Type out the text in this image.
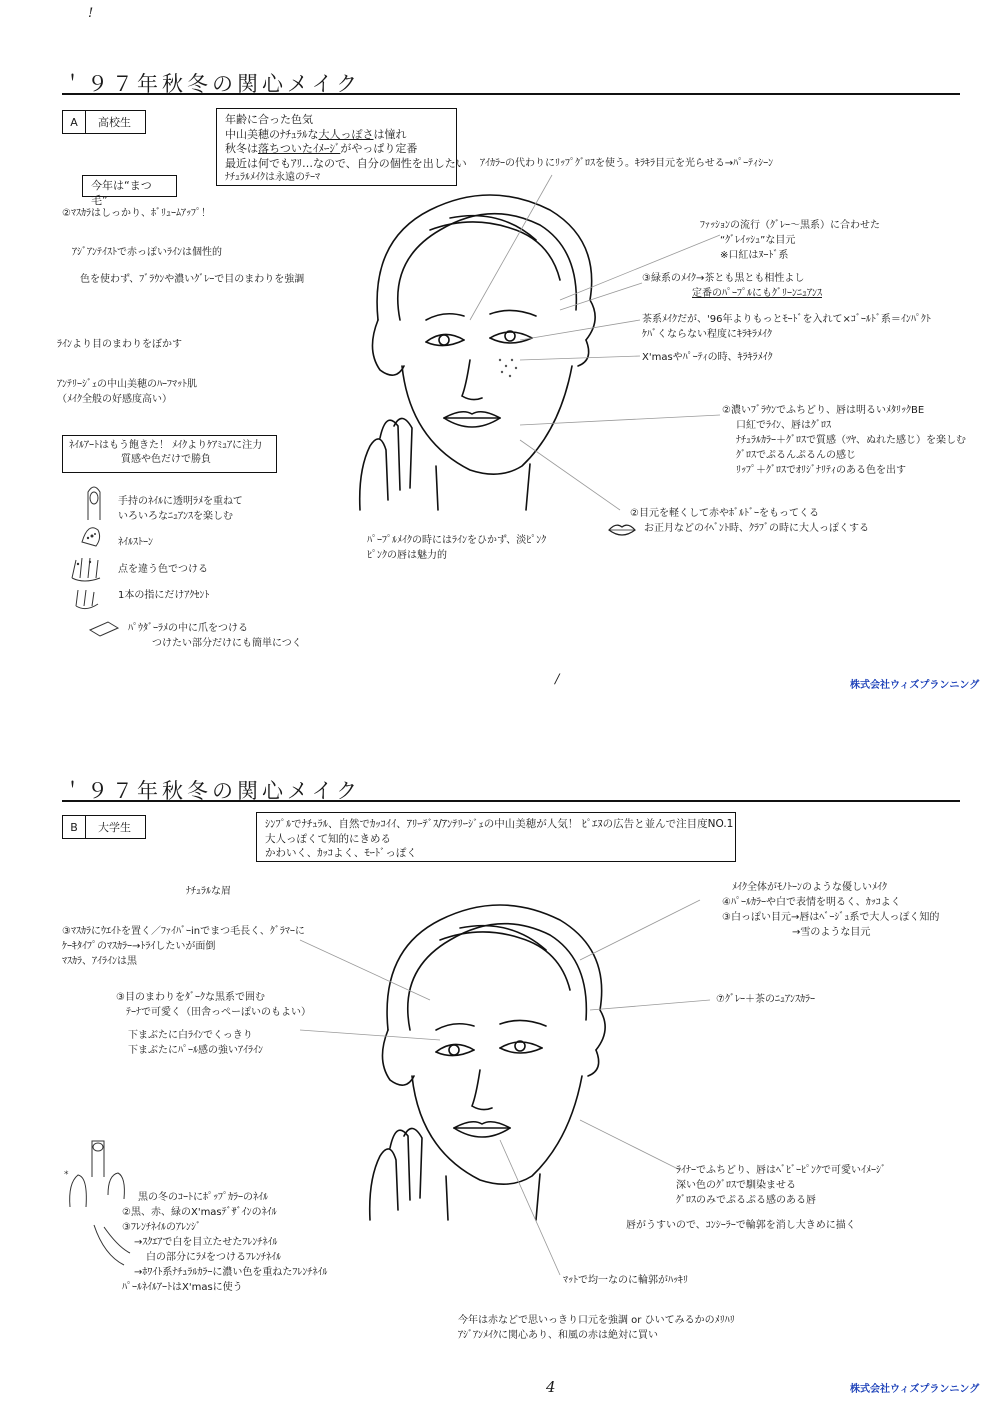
!
/
4
＇９７年秋冬の関心メイク
A	高校生	年齢に合った色気
中山美穂のﾅﾁｭﾗﾙな大人っぽさは憧れ
秋冬は落ちついたｲﾒｰｼﾞがやっぱり定番
最近は何でもｱﾘ…なので、自分の個性を出したい
ﾅﾁｭﾗﾙﾒｲｸは永遠のﾃｰﾏ
今年は“まつ毛”
②ﾏｽｶﾗはしっかり、ﾎﾞﾘｭｰﾑｱｯﾌﾟ！
ｱｼﾞｱﾝﾃｲｽﾄで赤っぽいﾗｲﾝは個性的
色を使わず、ﾌﾞﾗｳﾝや濃いｸﾞﾚｰで目のまわりを強調
ﾗｲﾝより目のまわりをぼかす
ｱﾝﾃﾘｰｼﾞｪの中山美穂のﾊｰﾌﾏｯﾄ肌
（ﾒｲｸ全般の好感度高い）
ﾈｲﾙｱｰﾄはもう飽きた！ ﾒｲｸよりｹｱﾐｭｱに注力
質感や色だけで勝負
手持のﾈｲﾙに透明ﾗﾒを重ねて
いろいろなﾆｭｱﾝｽを楽しむ
ﾈｲﾙｽﾄｰﾝ
点を違う色でつける
1本の指にだけｱｸｾﾝﾄ
ﾊﾟｳﾀﾞｰﾗﾒの中に爪をつける
つけたい部分だけにも簡単につく
ｱｲｶﾗｰの代わりにﾘｯﾌﾟｸﾞﾛｽを使う。ｷﾗｷﾗ目元を光らせる→ﾊﾟｰﾃｨｼｰﾝ
ﾌｧｯｼｮﾝの流行（ｸﾞﾚｰ～黒系）に合わせた
“ｸﾞﾚｲｯｼｭ”な目元
※口紅はﾇｰﾄﾞ系
③緑系のﾒｲｸ→茶とも黒とも相性よし
定番のﾊﾟｰﾌﾟﾙにもｸﾞﾘｰﾝﾆｭｱﾝｽ
茶系ﾒｲｸだが、'96年よりもっとﾓｰﾄﾞを入れて×ｺﾞｰﾙﾄﾞ系＝ｲﾝﾊﾟｸﾄ
ｹﾊﾞくならない程度にｷﾗｷﾗﾒｲｸ
X'masやﾊﾟｰﾃｨの時、ｷﾗｷﾗﾒｲｸ
②濃いﾌﾞﾗｳﾝでふちどり、唇は明るいﾒﾀﾘｯｸBE
口紅でﾗｲﾝ、唇はｸﾞﾛｽ
ﾅﾁｭﾗﾙｶﾗｰ＋ｸﾞﾛｽで質感（ﾂﾔ、ぬれた感じ）を楽しむ
ｸﾞﾛｽでぷるんぷるんの感じ
ﾘｯﾌﾟ＋ｸﾞﾛｽでｵﾘｼﾞﾅﾘﾃｨのある色を出す
②目元を軽くして赤やﾎﾞﾙﾄﾞｰをもってくる
お正月などのｲﾍﾞﾝﾄ時、ｸﾗﾌﾞの時に大人っぽくする
ﾊﾟｰﾌﾟﾙﾒｲｸの時にはﾗｲﾝをひかず、淡ﾋﾟﾝｸ
ﾋﾟﾝｸの唇は魅力的
株式会社ウィズプランニング
＇９７年秋冬の関心メイク
B	大学生	ｼﾝﾌﾟﾙでﾅﾁｭﾗﾙ、自然でｶｯｺｲｲ、ｱﾘｰﾃﾞｽ/ｱﾝﾃﾘｰｼﾞｪの中山美穂が人気！ ﾋﾟｴﾇの広告と並んで注目度NO.1
大人っぽくて知的にきめる
かわいく、ｶｯｺよく、ﾓｰﾄﾞっぽく
ﾅﾁｭﾗﾙな眉
③ﾏｽｶﾗにｳｴｲﾄを置く／ﾌｧｲﾊﾞｰinでまつ毛長く、ｸﾞﾗﾏｰに
ｹｰｷﾀｲﾌﾟのﾏｽｶﾗｰ→ﾄﾗｲしたいが面倒
ﾏｽｶﾗ、ｱｲﾗｲﾝは黒
③目のまわりをﾀﾞｰｸな黒系で囲む
ﾃｰﾅで可愛く（田舎っぺーぽいのもよい）
下まぶたに白ﾗｲﾝでくっきり
下まぶたにﾊﾟｰﾙ感の強いｱｲﾗｲﾝ
*
黒の冬のｺｰﾄにﾎﾟｯﾌﾟｶﾗｰのﾈｲﾙ
②黒、赤、緑のX'masﾃﾞｻﾞｲﾝのﾈｲﾙ
③ﾌﾚﾝﾁﾈｲﾙのｱﾚﾝｼﾞ
→ｽｸｴｱで白を目立たせたﾌﾚﾝﾁﾈｲﾙ
白の部分にﾗﾒをつけるﾌﾚﾝﾁﾈｲﾙ
→ﾎﾜｲﾄ系ﾅﾁｭﾗﾙｶﾗｰに濃い色を重ねたﾌﾚﾝﾁﾈｲﾙ
ﾊﾟｰﾙﾈｲﾙｱｰﾄはX'masに使う
ﾒｲｸ全体がﾓﾉﾄｰﾝのような優しいﾒｲｸ
④ﾊﾟｰﾙｶﾗｰや白で表情を明るく、ｶｯｺよく
③白っぽい目元→唇はﾍﾞｰｼﾞｭ系で大人っぽく知的
→雪のような目元
⑦ｸﾞﾚｰ＋茶のﾆｭｱﾝｽｶﾗｰ
ﾗｲﾅｰでふちどり、唇はﾍﾞﾋﾞｰﾋﾟﾝｸで可愛いｲﾒｰｼﾞ
深い色のｸﾞﾛｽで馴染ませる
ｸﾞﾛｽのみでぷるぷる感のある唇
唇がうすいので、ｺﾝｼｰﾗｰで輪郭を消し大きめに描く
ﾏｯﾄで均一なのに輪郭がﾊｯｷﾘ
今年は赤などで思いっきり口元を強調 or ひいてみるかのﾒﾘﾊﾘ
ｱｼﾞｱﾝﾒｲｸに関心あり、和風の赤は絶対に買い
株式会社ウィズプランニング
